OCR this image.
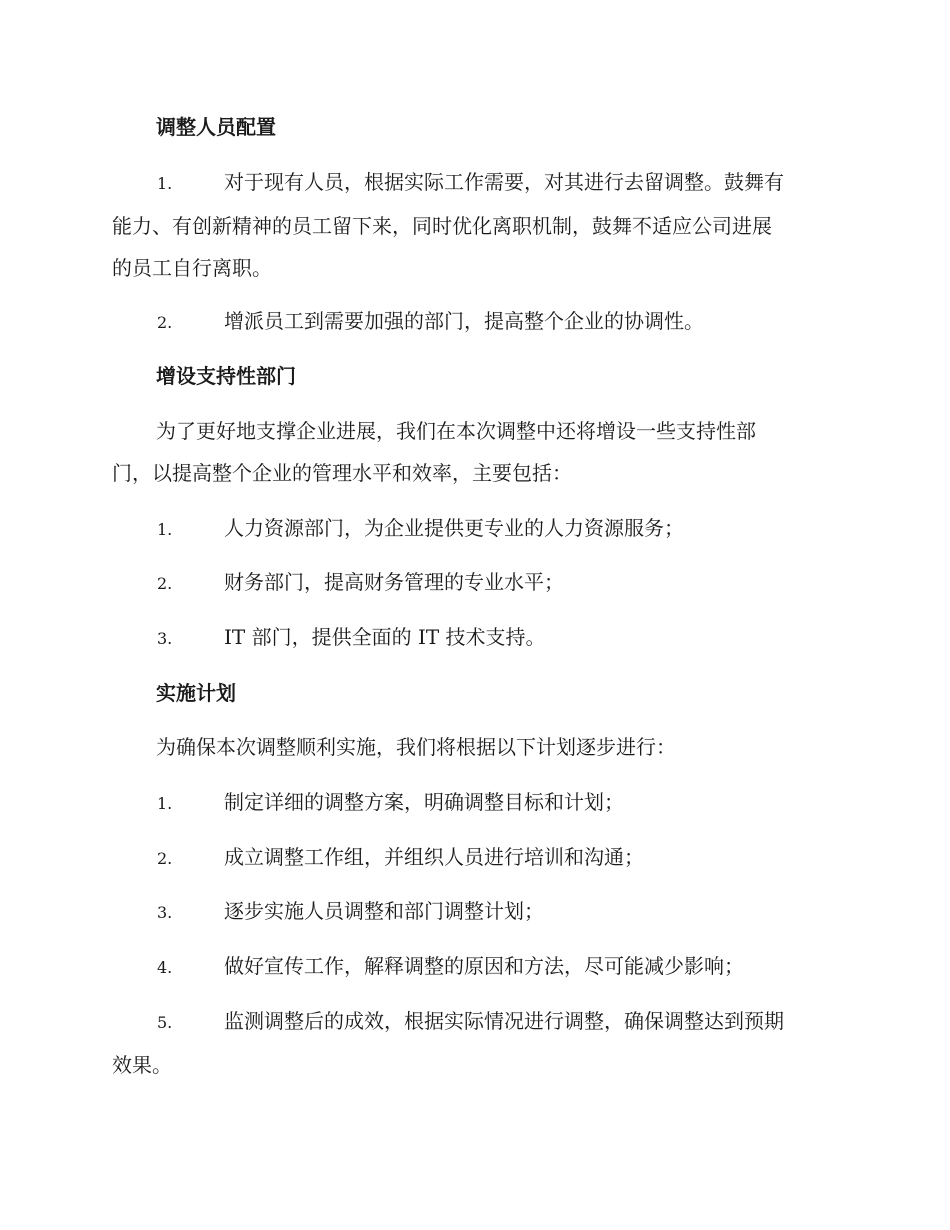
调整人员配置
1.	对于现有人员，根据实际工作需要，对其进行去留调整。鼓舞有
能力、有创新精神的员工留下来，同时优化离职机制，鼓舞不适应公司进展
的员工自行离职。
2.	增派员工到需要加强的部门，提高整个企业的协调性。
增设支持性部门
为了更好地支撑企业进展，我们在本次调整中还将增设一些支持性部
门，以提高整个企业的管理水平和效率，主要包括：
1.	人力资源部门，为企业提供更专业的人力资源服务；
2.	财务部门，提高财务管理的专业水平；
3.	IT 部门，提供全面的 IT 技术支持。
实施计划
为确保本次调整顺利实施，我们将根据以下计划逐步进行：
1.	制定详细的调整方案，明确调整目标和计划；
2.	成立调整工作组，并组织人员进行培训和沟通；
3.	逐步实施人员调整和部门调整计划；
4.	做好宣传工作，解释调整的原因和方法，尽可能减少影响；
5.	监测调整后的成效，根据实际情况进行调整，确保调整达到预期
效果。
